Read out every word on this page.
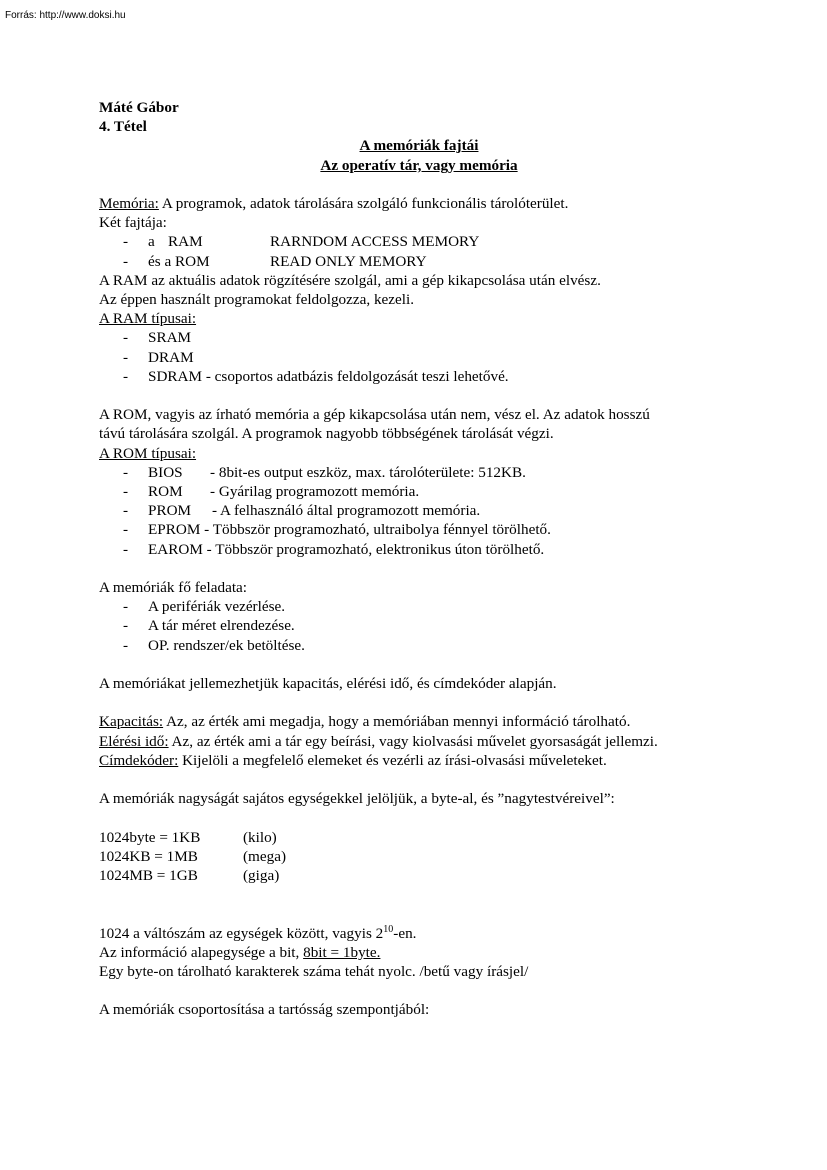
Forrás: http://www.doksi.hu
Máté Gábor
4. Tétel
A memóriák fajtái
Az operatív tár, vagy memória
Memória: A programok, adatok tárolására szolgáló funkcionális tárolóterület.
Két fajtája:
- a RAM	RARNDOM ACCESS MEMORY
- és a ROM	READ ONLY MEMORY
A RAM az aktuális adatok rögzítésére szolgál, ami a gép kikapcsolása után elvész.
Az éppen használt programokat feldolgozza, kezeli.
A RAM típusai:
- SRAM
- DRAM
- SDRAM - csoportos adatbázis feldolgozását teszi lehetővé.
A ROM, vagyis az írható memória a gép kikapcsolása után nem, vész el. Az adatok hosszú
távú tárolására szolgál. A programok nagyobb többségének tárolását végzi.
A ROM típusai:
- BIOS - 8bit-es output eszköz, max. tárolóterülete: 512KB.
- ROM - Gyárilag programozott memória.
- PROM - A felhasználó által programozott memória.
- EPROM - Többször programozható, ultraibolya fénnyel törölhető.
- EAROM - Többször programozható, elektronikus úton törölhető.
A memóriák fő feladata:
- A perifériák vezérlése.
- A tár méret elrendezése.
- OP. rendszer/ek betöltése.
A memóriákat jellemezhetjük kapacitás, elérési idő, és címdekóder alapján.
Kapacitás: Az, az érték ami megadja, hogy a memóriában mennyi információ tárolható.
Elérési idő: Az, az érték ami a tár egy beírási, vagy kiolvasási művelet gyorsaságát jellemzi.
Címdekóder: Kijelöli a megfelelő elemeket és vezérli az írási-olvasási műveleteket.
A memóriák nagyságát sajátos egységekkel jelöljük, a byte-al, és ”nagytestvéreivel”:
1024byte = 1KB	(kilo)
1024KB = 1MB	(mega)
1024MB = 1GB	(giga)
1024 a váltószám az egységek között, vagyis $2^{10}-en$.
Az információ alapegysége a bit, 8bit = 1byte.
Egy byte-on tárolható karakterek száma tehát nyolc. /betű vagy írásjel/
A memóriák csoportosítása a tartósság szempontjából:
